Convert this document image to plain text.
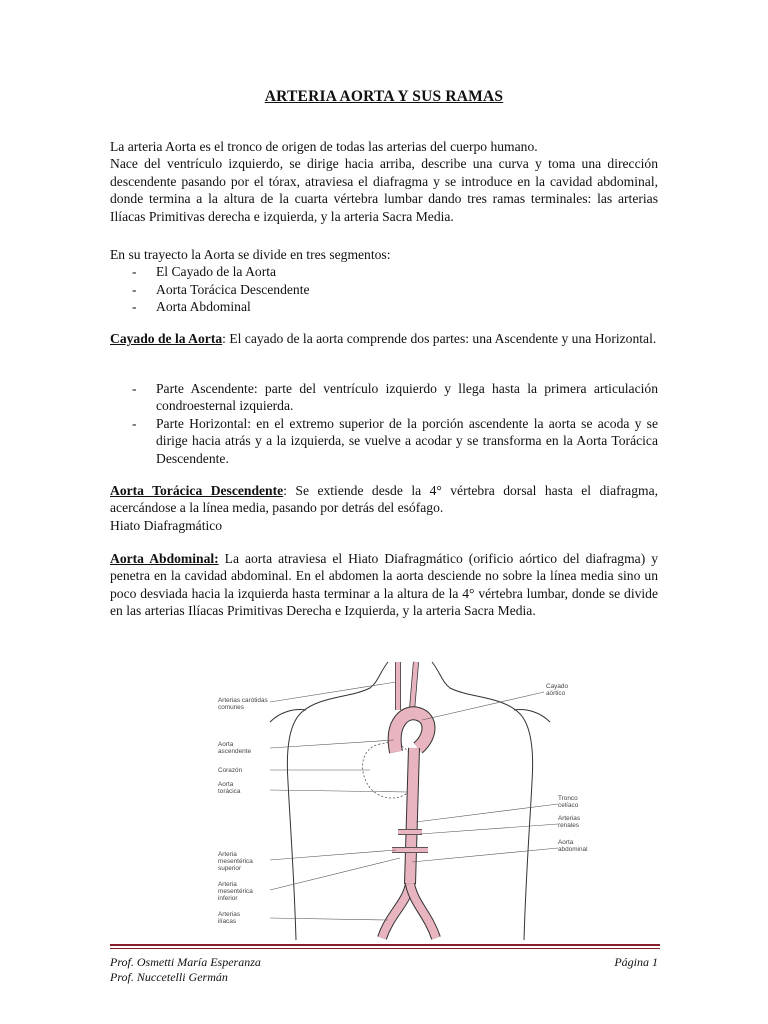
ARTERIA AORTA Y SUS RAMAS

La arteria Aorta es el tronco de origen de todas las arterias del cuerpo humano.

Nace del ventrículo izquierdo, se dirige hacia arriba, describe una curva y toma una dirección descendente pasando por el tórax, atraviesa el diafragma y se introduce en la cavidad abdominal, donde termina a la altura de la cuarta vértebra lumbar dando tres ramas terminales: las arterias Ilíacas Primitivas derecha e izquierda, y la arteria Sacra Media.

En su trayecto la Aorta se divide en tres segmentos:

- El Cayado de la Aorta
- Aorta Torácica Descendente
- Aorta Abdominal

Cayado de la Aorta: El cayado de la aorta comprende dos partes: una Ascendente y una Horizontal.

- Parte Ascendente: parte del ventrículo izquierdo y llega hasta la primera articulación condroesternal izquierda.
- Parte Horizontal: en el extremo superior de la porción ascendente la aorta se acoda y se dirige hacia atrás y a la izquierda, se vuelve a acodar y se transforma en la Aorta Torácica Descendente.

Aorta Torácica Descendente: Se extiende desde la 4° vértebra dorsal hasta el diafragma, acercándose a la línea media, pasando por detrás del esófago.

Hiato Diafragmático

Aorta Abdominal: La aorta atraviesa el Hiato Diafragmático (orificio aórtico del diafragma) y penetra en la cavidad abdominal. En el abdomen la aorta desciende no sobre la línea media sino un poco desviada hacia la izquierda hasta terminar a la altura de la 4° vértebra lumbar, donde se divide en las arterias Ilíacas Primitivas Derecha e Izquierda, y la arteria Sacra Media.

Arterias carótidas comunes
Aorta ascendente
Corazón
Aorta torácica
Arteria mesentérica superior
Arteria mesentérica inferior
Arterias ilíacas
Cayado aórtico
Tronco celíaco
Arterias renales
Aorta abdominal
Prof. Osmetti María Esperanza
Prof. Nuccetelli Germán
Página 1
